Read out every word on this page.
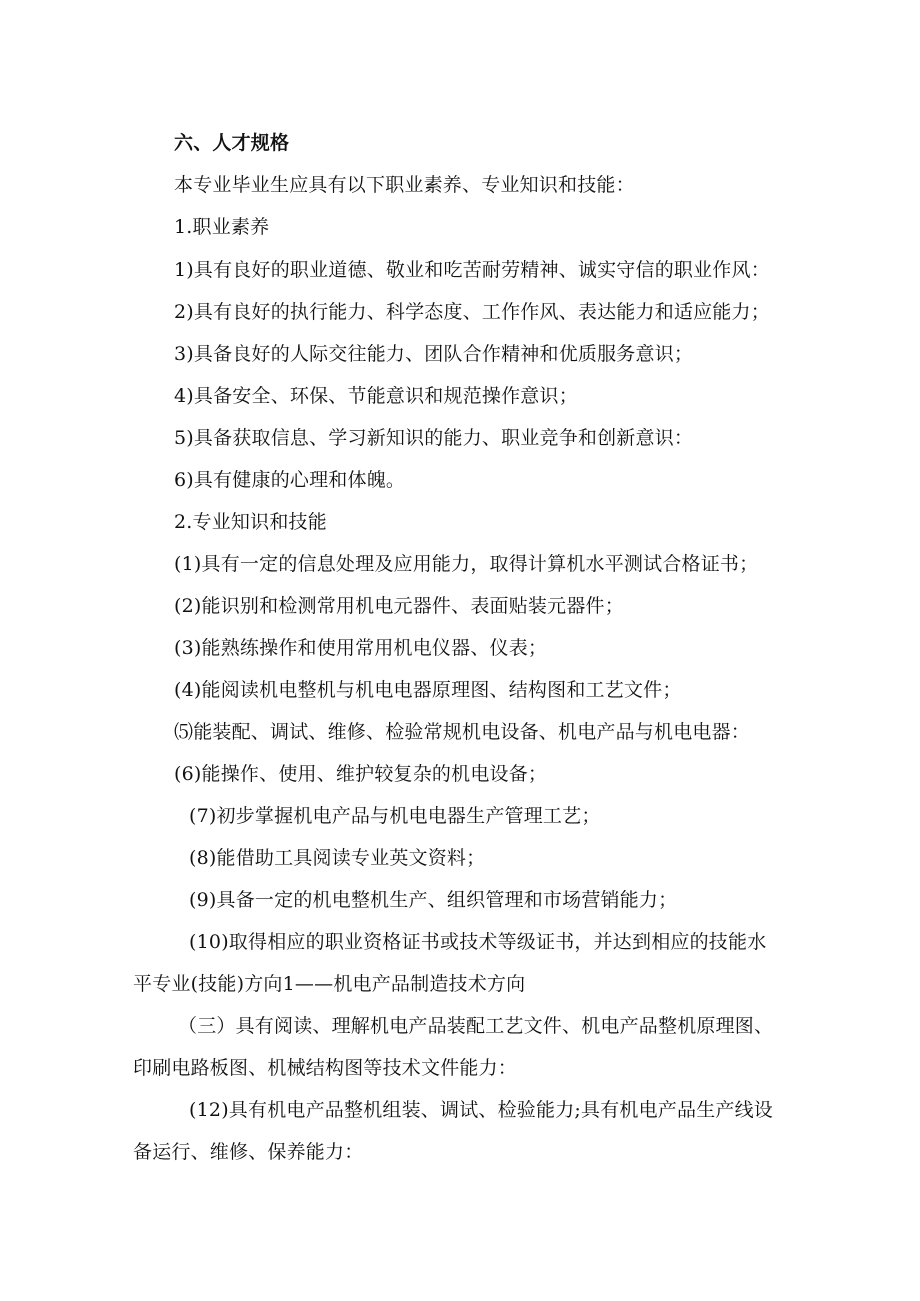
六、人才规格
本专业毕业生应具有以下职业素养、专业知识和技能：
1.职业素养
1)具有良好的职业道德、敬业和吃苦耐劳精神、诚实守信的职业作风：
2)具有良好的执行能力、科学态度、工作作风、表达能力和适应能力；
3)具备良好的人际交往能力、团队合作精神和优质服务意识；
4)具备安全、环保、节能意识和规范操作意识；
5)具备获取信息、学习新知识的能力、职业竞争和创新意识：
6)具有健康的心理和体魄。
2.专业知识和技能
(1)具有一定的信息处理及应用能力，取得计算机水平测试合格证书；
(2)能识别和检测常用机电元器件、表面贴装元器件；
(3)能熟练操作和使用常用机电仪器、仪表；
(4)能阅读机电整机与机电电器原理图、结构图和工艺文件；
⑸能装配、调试、维修、检验常规机电设备、机电产品与机电电器：
(6)能操作、使用、维护较复杂的机电设备；
(7)初步掌握机电产品与机电电器生产管理工艺；
(8)能借助工具阅读专业英文资料；
(9)具备一定的机电整机生产、组织管理和市场营销能力；
(10)取得相应的职业资格证书或技术等级证书，并达到相应的技能水
平专业(技能)方向1——机电产品制造技术方向
（三）具有阅读、理解机电产品装配工艺文件、机电产品整机原理图、
印刷电路板图、机械结构图等技术文件能力：
(12)具有机电产品整机组装、调试、检验能力;具有机电产品生产线设
备运行、维修、保养能力：
